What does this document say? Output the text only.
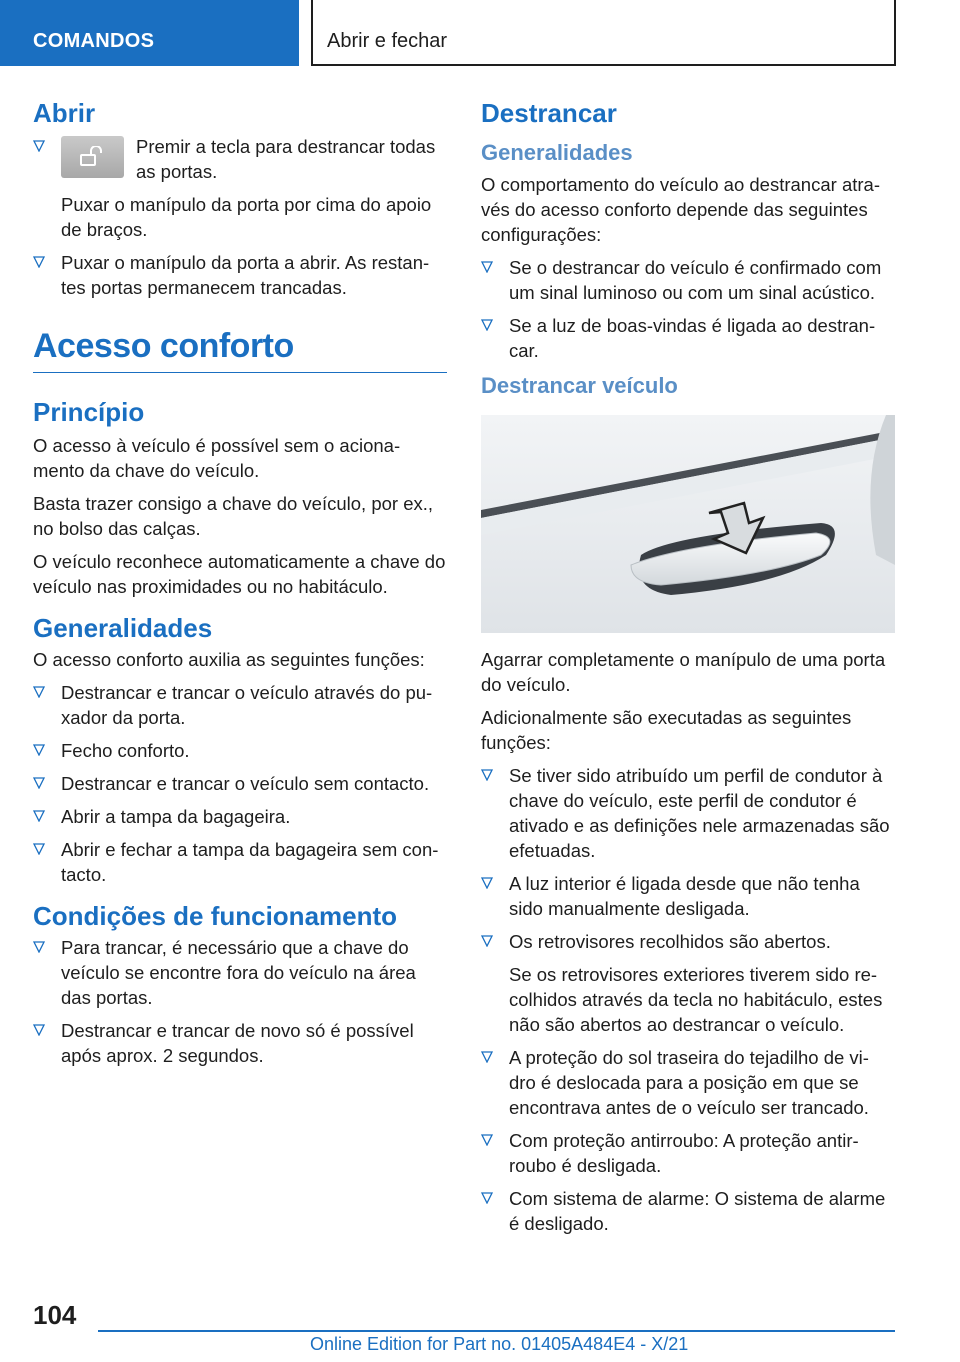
COMANDOS	Abrir e fechar
Abrir
Premir a tecla para destrancar todas as portas.

Puxar o manípulo da porta por cima do apoio de braços.

Puxar o manípulo da porta a abrir. As restan‐tes portas permanecem trancadas.
Acesso conforto
Princípio

O acesso à veículo é possível sem o aciona‐mento da chave do veículo.

Basta trazer consigo a chave do veículo, por ex., no bolso das calças.

O veículo reconhece automaticamente a chave do veículo nas proximidades ou no habitáculo.

Generalidades

O acesso conforto auxilia as seguintes funções:

Destrancar e trancar o veículo através do pu‐xador da porta.
Fecho conforto.
Destrancar e trancar o veículo sem contacto.
Abrir a tampa da bagageira.
Abrir e fechar a tampa da bagageira sem con‐tacto.
Condições de funcionamento
Para trancar, é necessário que a chave do veículo se encontre fora do veículo na área das portas.
Destrancar e trancar de novo só é possível após aprox. 2 segundos.
Destrancar
Generalidades

O comportamento do veículo ao destrancar atra‐vés do acesso conforto depende das seguintes configurações:

Se o destrancar do veículo é confirmado com um sinal luminoso ou com um sinal acústico.
Se a luz de boas-vindas é ligada ao destran‐car.
Destrancar veículo

Agarrar completamente o manípulo de uma porta do veículo.

Adicionalmente são executadas as seguintes funções:

Se tiver sido atribuído um perfil de condutor à chave do veículo, este perfil de condutor é ativado e as definições nele armazenadas são efetuadas.
A luz interior é ligada desde que não tenha sido manualmente desligada.
Os retrovisores recolhidos são abertos.

Se os retrovisores exteriores tiverem sido re‐colhidos através da tecla no habitáculo, estes não são abertos ao destrancar o veículo.

A proteção do sol traseira do tejadilho de vi‐dro é deslocada para a posição em que se encontrava antes de o veículo ser trancado.
Com proteção antirroubo: A proteção antir‐roubo é desligada.
Com sistema de alarme: O sistema de alarme é desligado.
104
Online Edition for Part no. 01405A484E4 - X/21
